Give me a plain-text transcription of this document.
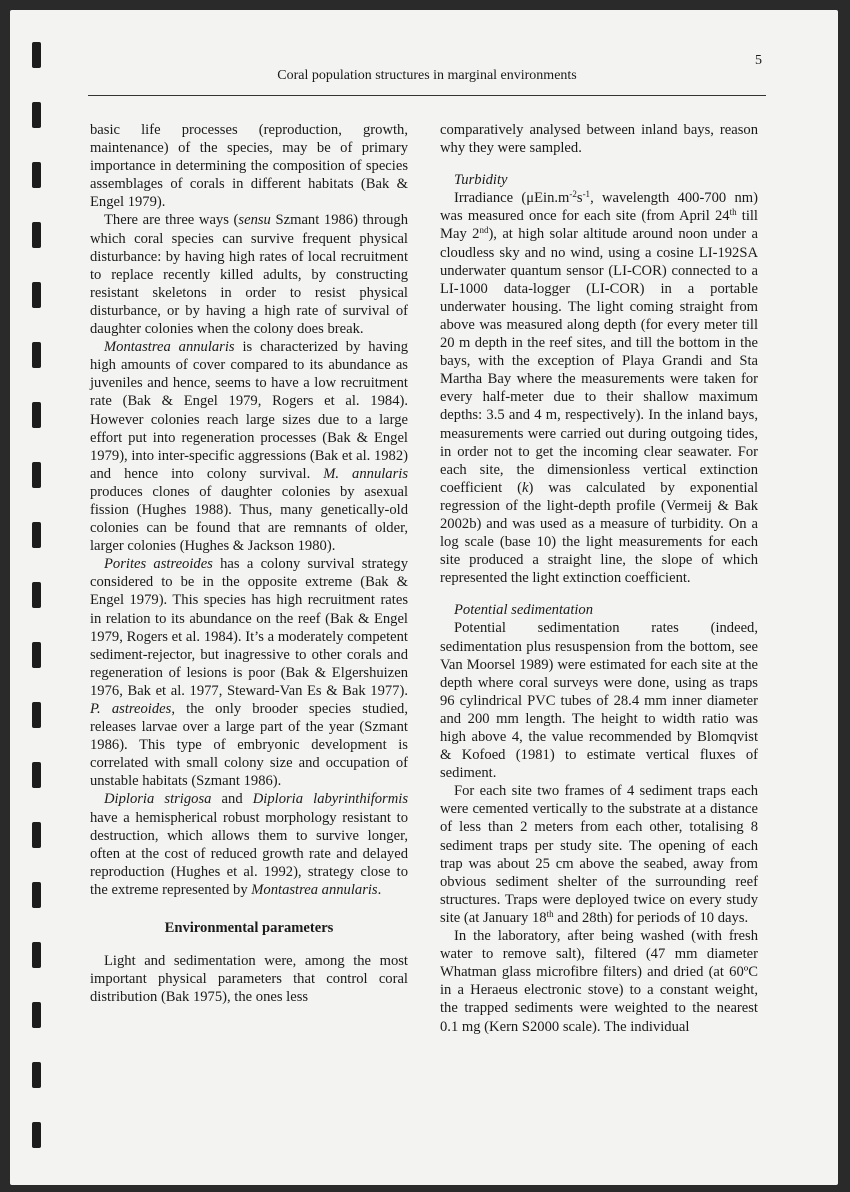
5
Coral population structures in marginal environments

basic life processes (reproduction, growth, maintenance) of the species, may be of primary importance in determining the composition of species assemblages of corals in different habitats (Bak & Engel 1979).

There are three ways (sensu Szmant 1986) through which coral species can survive frequent physical disturbance: by having high rates of local recruitment to replace recently killed adults, by constructing resistant skeletons in order to resist physical disturbance, or by having a high rate of survival of daughter colonies when the colony does break.

Montastrea annularis is characterized by having high amounts of cover compared to its abundance as juveniles and hence, seems to have a low recruitment rate (Bak & Engel 1979, Rogers et al. 1984). However colonies reach large sizes due to a large effort put into regeneration processes (Bak & Engel 1979), into inter-specific aggressions (Bak et al. 1982) and hence into colony survival. M. annularis produces clones of daughter colonies by asexual fission (Hughes 1988). Thus, many genetically-old colonies can be found that are remnants of older, larger colonies (Hughes & Jackson 1980).

Porites astreoides has a colony survival strategy considered to be in the opposite extreme (Bak & Engel 1979). This species has high recruitment rates in relation to its abundance on the reef (Bak & Engel 1979, Rogers et al. 1984). It’s a moderately competent sediment-rejector, but inagressive to other corals and regeneration of lesions is poor (Bak & Elgershuizen 1976, Bak et al. 1977, Steward-Van Es & Bak 1977). P. astreoides, the only brooder species studied, releases larvae over a large part of the year (Szmant 1986). This type of embryonic development is correlated with small colony size and occupation of unstable habitats (Szmant 1986).

Diploria strigosa and Diploria labyrinthiformis have a hemispherical robust morphology resistant to destruction, which allows them to survive longer, often at the cost of reduced growth rate and delayed reproduction (Hughes et al. 1992), strategy close to the extreme represented by Montastrea annularis.

Environmental parameters

Light and sedimentation were, among the most important physical parameters that control coral distribution (Bak 1975), the ones less

comparatively analysed between inland bays, reason why they were sampled.

Turbidity

Irradiance ($\mu Ein.m^{-2}s^{-1}$, wavelength 400-700 nm) was measured once for each site (from April 24th till May 2nd), at high solar altitude around noon under a cloudless sky and no wind, using a cosine LI-192SA underwater quantum sensor (LI-COR) connected to a LI-1000 data-logger (LI-COR) in a portable underwater housing. The light coming straight from above was measured along depth (for every meter till 20 m depth in the reef sites, and till the bottom in the bays, with the exception of Playa Grandi and Sta Martha Bay where the measurements were taken for every half-meter due to their shallow maximum depths: 3.5 and 4 m, respectively). In the inland bays, measurements were carried out during outgoing tides, in order not to get the incoming clear seawater. For each site, the dimensionless vertical extinction coefficient (k) was calculated by exponential regression of the light-depth profile (Vermeij & Bak 2002b) and was used as a measure of turbidity. On a log scale (base 10) the light measurements for each site produced a straight line, the slope of which represented the light extinction coefficient.

Potential sedimentation

Potential sedimentation rates (indeed, sedimentation plus resuspension from the bottom, see Van Moorsel 1989) were estimated for each site at the depth where coral surveys were done, using as traps 96 cylindrical PVC tubes of 28.4 mm inner diameter and 200 mm length. The height to width ratio was high above 4, the value recommended by Blomqvist & Kofoed (1981) to estimate vertical fluxes of sediment.

For each site two frames of 4 sediment traps each were cemented vertically to the substrate at a distance of less than 2 meters from each other, totalising 8 sediment traps per study site. The opening of each trap was about 25 cm above the seabed, away from obvious sediment shelter of the surrounding reef structures. Traps were deployed twice on every study site (at January 18th and 28th) for periods of 10 days.

In the laboratory, after being washed (with fresh water to remove salt), filtered (47 mm diameter Whatman glass microfibre filters) and dried (at 60ºC in a Heraeus electronic stove) to a constant weight, the trapped sediments were weighted to the nearest 0.1 mg (Kern S2000 scale). The individual
